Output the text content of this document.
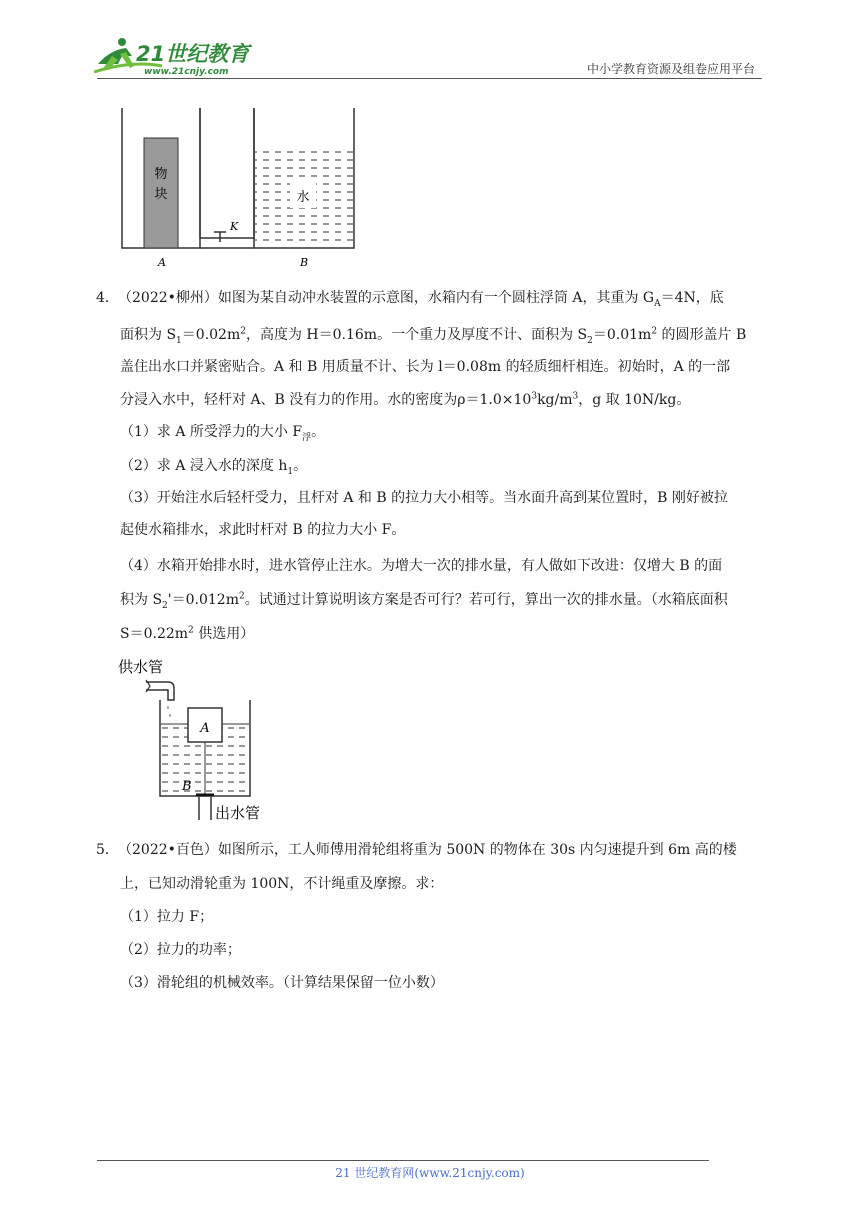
21世纪教育
www.21cnjy.com	中小学教育资源及组卷应用平台
物
块	水
K
A	B
4．（2022•柳州）如图为某自动冲水装置的示意图，水箱内有一个圆柱浮筒 A，其重为 $G_A=4N$，底
面积为 $S_1=0.02m^2$，高度为 H＝0.16m。一个重力及厚度不计、面积为 $S_2=0.01m^2$ 的圆形盖片 B
盖住出水口并紧密贴合。A 和 B 用质量不计、长为 l＝0.08m 的轻质细杆相连。初始时，A 的一部
分浸入水中，轻杆对 A、B 没有力的作用。水的密度为$\rho=1.0\times 10^3kg/m^3$，g 取 10N/kg。
（1）求 A 所受浮力的大小 $F_浮$。
（2）求 A 浸入水的深度 $h_1$。
（3）开始注水后轻杆受力，且杆对 A 和 B 的拉力大小相等。当水面升高到某位置时，B 刚好被拉
起使水箱排水，求此时杆对 B 的拉力大小 F。
（4）水箱开始排水时，进水管停止注水。为增大一次的排水量，有人做如下改进：仅增大 B 的面
积为 $S_2'=0.012m^2$。试通过计算说明该方案是否可行？若可行，算出一次的排水量。（水箱底面积
$S=0.22m^2$ 供选用）
供水管
∘
∘
A
B
出水管
5．（2022•百色）如图所示，工人师傅用滑轮组将重为 500N 的物体在 30s 内匀速提升到 6m 高的楼
上，已知动滑轮重为 100N，不计绳重及摩擦。求：
（1）拉力 F；
（2）拉力的功率；
（3）滑轮组的机械效率。（计算结果保留一位小数）
21 世纪教育网(www.21cnjy.com)
